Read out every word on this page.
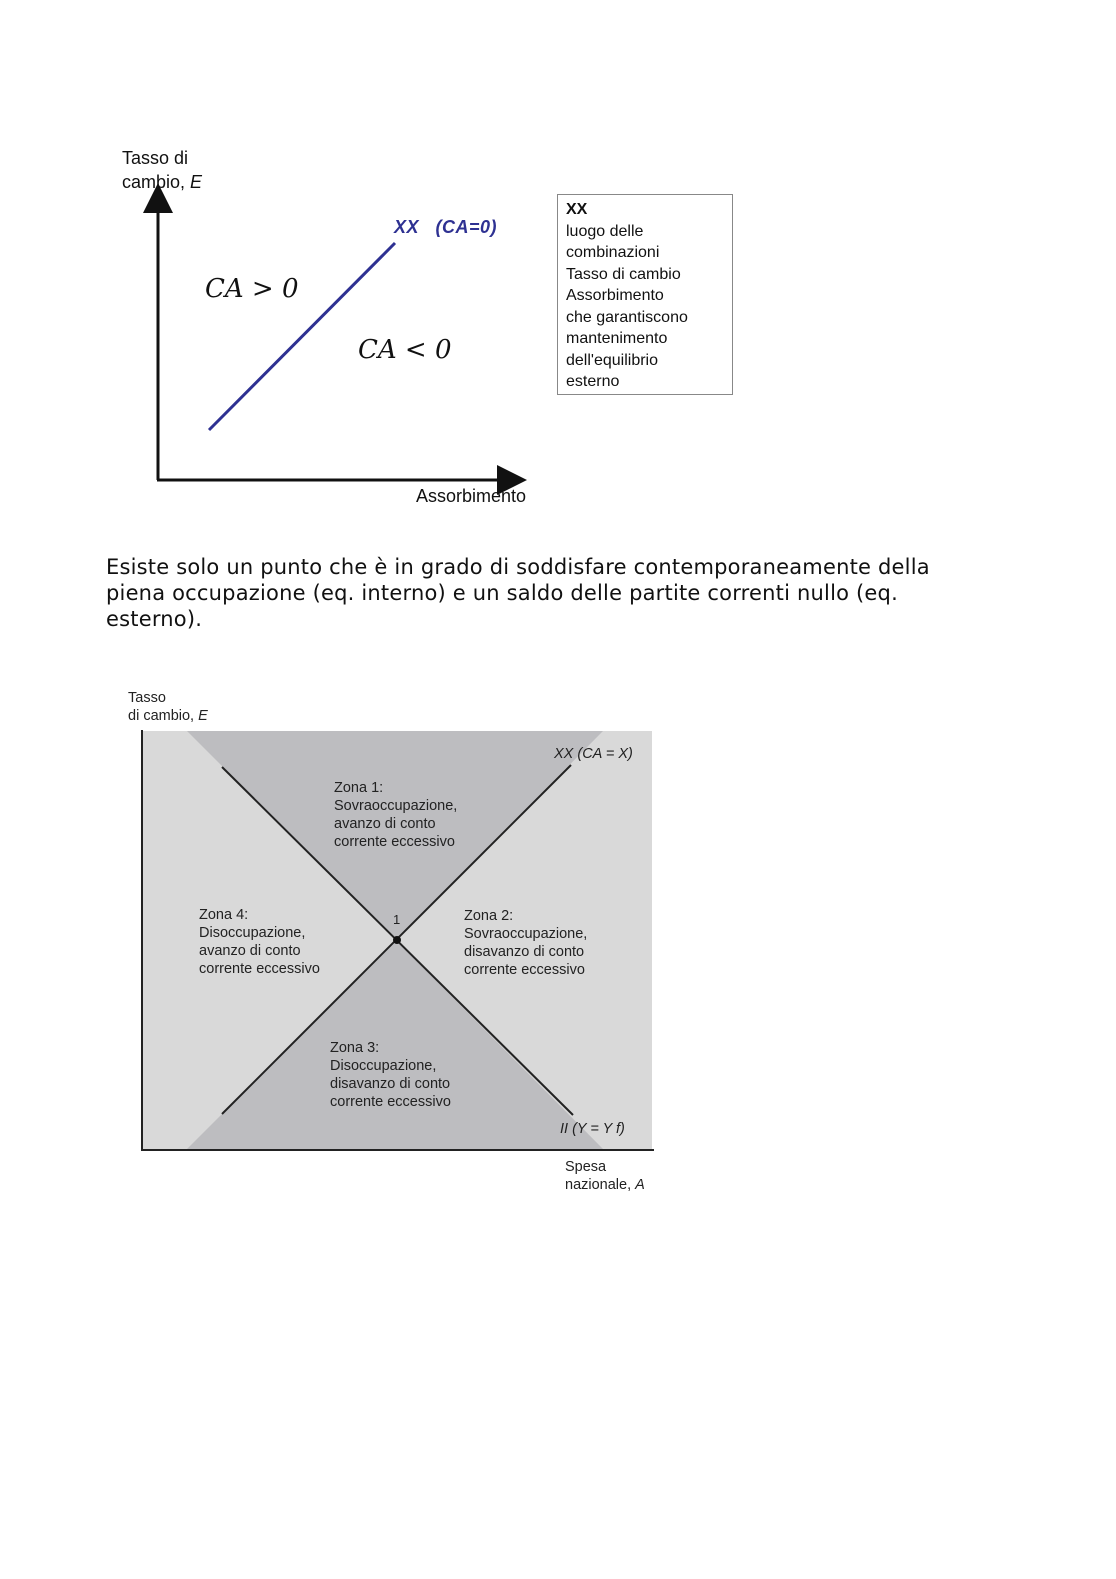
Tasso di
cambio, E
Assorbimento
XX   (CA=0)
CA > 0
CA < 0
XX
luogo delle
combinazioni
Tasso di cambio
Assorbimento
che garantiscono
mantenimento
dell'equilibrio
esterno
Esiste solo un punto che è in grado di soddisfare contemporaneamente della piena occupazione (eq. interno) e un saldo delle partite correnti nullo (eq. esterno).
Tasso
di cambio, E
Spesa
nazionale, A
XX (CA = X)
II (Y = Y f)
1
Zona 1:
Sovraoccupazione,
avanzo di conto
corrente eccessivo
Zona 2:
Sovraoccupazione,
disavanzo di conto
corrente eccessivo
Zona 3:
Disoccupazione,
disavanzo di conto
corrente eccessivo
Zona 4:
Disoccupazione,
avanzo di conto
corrente eccessivo
